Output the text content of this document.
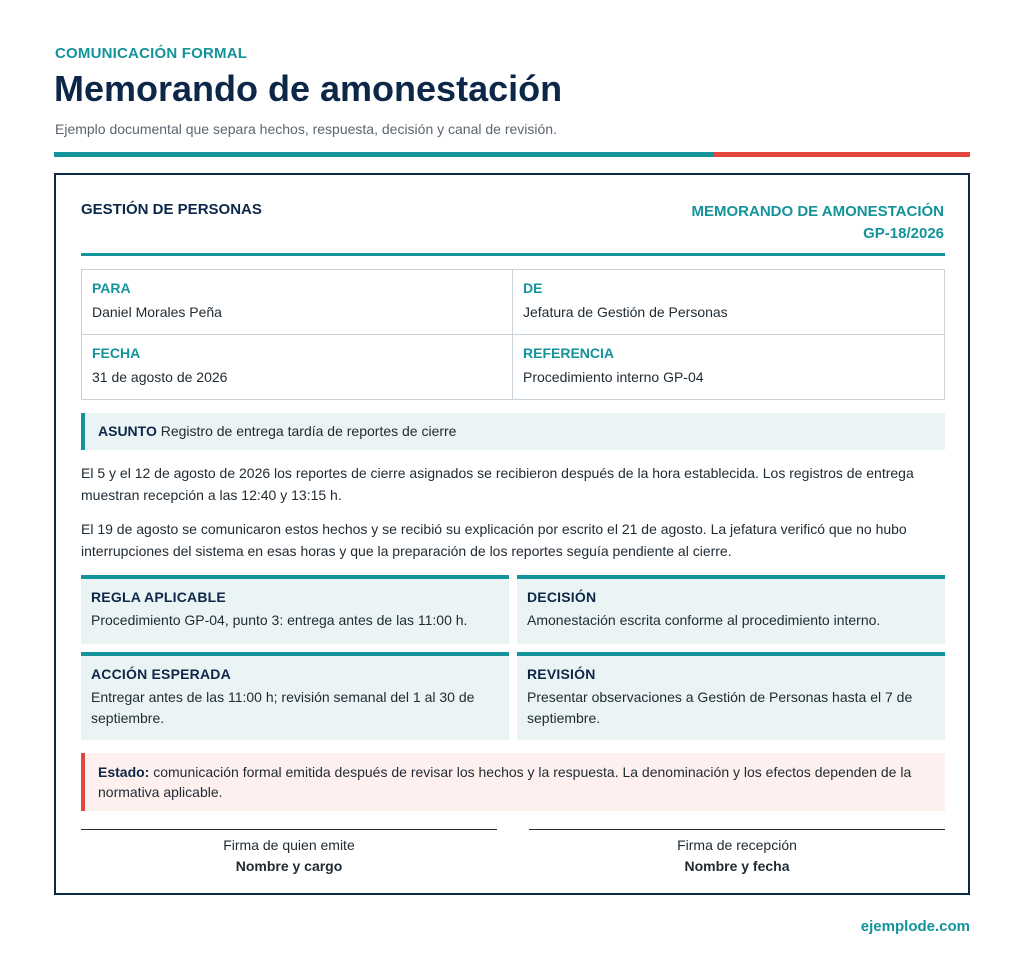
COMUNICACIÓN FORMAL
Memorando de amonestación

Ejemplo documental que separa hechos, respuesta, decisión y canal de revisión.

GESTIÓN DE PERSONAS	MEMORANDO DE AMONESTACIÓN
GP-18/2026
PARA
Daniel Morales Peña
DE
Jefatura de Gestión de Personas
FECHA
31 de agosto de 2026
REFERENCIA
Procedimiento interno GP-04
ASUNTO Registro de entrega tardía de reportes de cierre

El 5 y el 12 de agosto de 2026 los reportes de cierre asignados se recibieron después de la hora establecida. Los registros de entrega muestran recepción a las 12:40 y 13:15 h.

El 19 de agosto se comunicaron estos hechos y se recibió su explicación por escrito el 21 de agosto. La jefatura verificó que no hubo interrupciones del sistema en esas horas y que la preparación de los reportes seguía pendiente al cierre.

REGLA APLICABLE
Procedimiento GP-04, punto 3: entrega antes de las 11:00 h.
DECISIÓN
Amonestación escrita conforme al procedimiento interno.
ACCIÓN ESPERADA
Entregar antes de las 11:00 h; revisión semanal del 1 al 30 de septiembre.
REVISIÓN
Presentar observaciones a Gestión de Personas hasta el 7 de septiembre.
Estado: comunicación formal emitida después de revisar los hechos y la respuesta. La denominación y los efectos dependen de la normativa aplicable.
Firma de quien emite
Nombre y cargo
Firma de recepción
Nombre y fecha
ejemplode.com
